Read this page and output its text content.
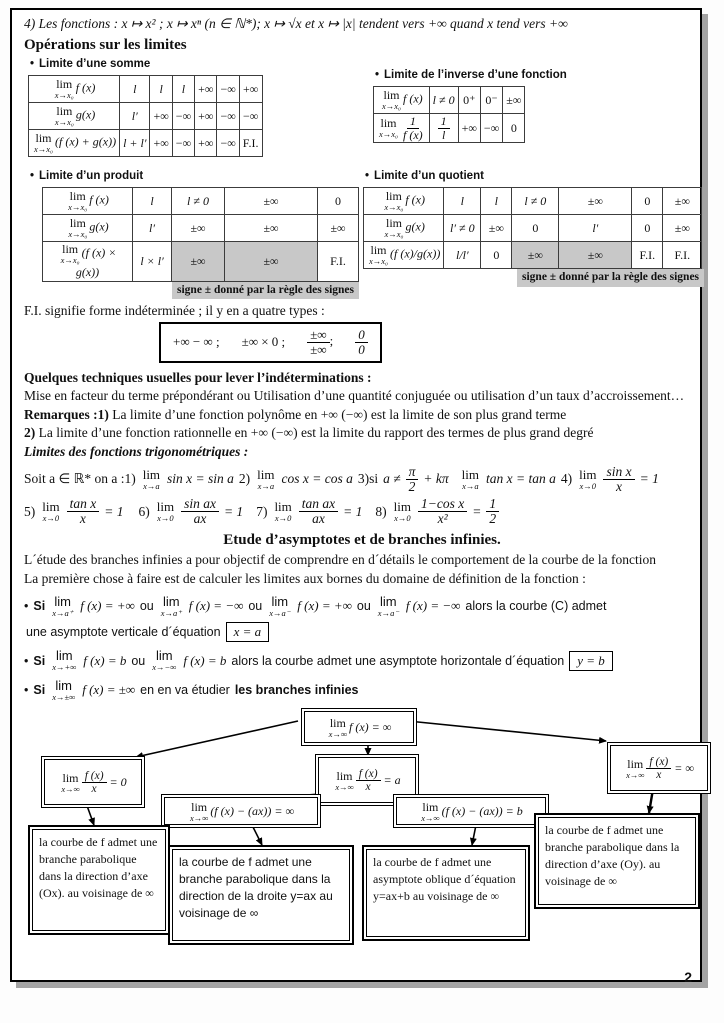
4) Les fonctions : x ↦ x² ; x ↦ xⁿ (n ∈ ℕ*); x ↦ √x et x ↦ |x| tendent vers +∞ quand x tend vers +∞
Opérations sur les limites
• Limite d’une somme
lim
x→x₀
f (x)	l	l	l	+∞	−∞	+∞

lim
x→x₀
g(x)	l′	+∞	−∞	+∞	−∞	−∞

lim
x→x₀
(f (x) + g(x))	l + l′	+∞	−∞	+∞	−∞	F.I.
• Limite de l’inverse d’une fonction
lim
x→x₀
f (x)	l ≠ 0	0⁺	0⁻	±∞

lim
$x\to x_0 \frac{1}{f (x)}$	$\frac{1}{l}$	+∞	−∞	0
• Limite d’un produit
lim
x→x₀
f (x)	l	l ≠ 0	±∞	0

lim
x→x₀
g(x)	l′	±∞	±∞	±∞

lim
x→x₀
(f (x) × g(x))	l × l′	±∞	±∞	F.I.
signe ± donné par la règle des signes
• Limite d’un quotient
lim
x→x₀
f (x)	l	l	l ≠ 0	±∞	0	±∞

lim
x→x₀
g(x)	l′ ≠ 0	±∞	0	l′	0	±∞

lim
x→x₀
(f (x)/g(x))	l/l′	0	±∞	±∞	F.I.	F.I.
signe ± donné par la règle des signes
F.I. signifie forme indéterminée ; il y en a quatre types :
+∞ − ∞ ; ±∞ × 0 ; $\frac{\pm\infty}{\pm\infty}$ ; $\frac{0}{0}$

Quelques techniques usuelles pour lever l’indéterminations :

Mise en facteur du terme prépondérant ou Utilisation d’une quantité conjuguée ou utilisation d’un taux d’accroissement…

Remarques :1) La limite d’une fonction polynôme en +∞ (−∞) est la limite de son plus grand terme

2) La limite d’une fonction rationnelle en +∞ (−∞) est la limite du rapport des termes de plus grand degré

Limites des fonctions trigonométriques :

Soit a ∈ ℝ* on a :1) lim
x→a sin x = sin a 2) lim
x→a cos x = cos a 3)si $a \ne \frac{\pi}{2} + k\pi$ lim
x→a tan x = tan a 4) lim
$x\to 0 \frac{\text{sin x}}{x} = 1$
5) lim
$x\to 0 \frac{\text{tan x}}{x} = 1$ 6) lim
$x\to 0 \frac{\text{sin ax}}{ax} = 1$ 7) lim
$x\to 0 \frac{\text{tan ax}}{ax} = 1$ 8) lim
$x\to 0 \frac{\text{1−cos x}}{\text{x²}} = \frac{1}{2}$
Etude d’asymptotes et de branches infinies.

L´étude des branches infinies a pour objectif de comprendre en d´détails le comportement de la courbe de la fonction

La première chose à faire est de calculer les limites aux bornes du domaine de définition de la fonction :

• Si lim
x→a⁺ f (x) = +∞ ou lim
x→a⁺ f (x) = −∞ ou lim
x→a⁻ f (x) = +∞ ou lim
x→a⁻ f (x) = −∞ alors la courbe (C) admet
une asymptote verticale d´équation	x = a
• Si lim
x→+∞ f (x) = b ou lim
x→−∞ f (x) = b alors la courbe admet une asymptote horizontale d´équation	y = b
• Si lim
x→±∞ f (x) = ±∞ en en va étudier les branches infinies
lim
x→∞ f (x) = ∞
lim
$x\to\infty \frac{f (x)}{x} = 0$	lim
$x\to\infty \frac{f (x)}{x} = a$
lim
$x\to\infty \frac{f (x)}{x}$ = ∞
lim
x→∞ (f (x) − (ax)) = ∞	lim
x→∞ (f (x) − (ax)) = b
la courbe de f admet une branche parabolique dans la direction d’axe (Ox). au voisinage de ∞
la courbe de f admet une branche parabolique dans la direction de la droite y=ax au voisinage de ∞
la courbe de f admet une asymptote oblique d´équation y=ax+b au voisinage de ∞
la courbe de f admet une branche parabolique dans la direction d’axe (Oy). au voisinage de ∞
2
